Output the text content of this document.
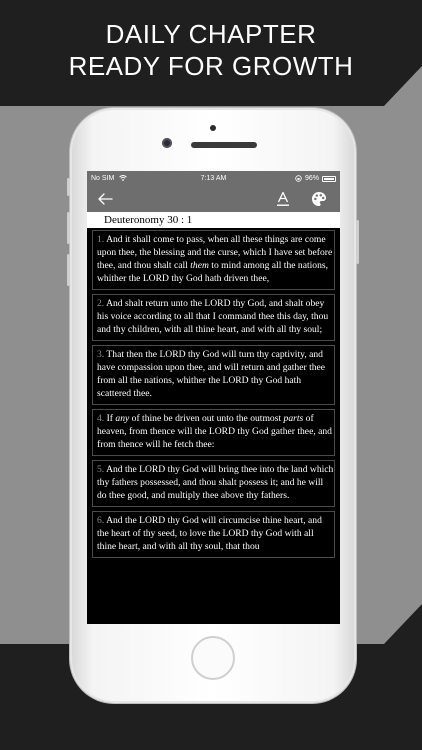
DAILY CHAPTER
READY FOR GROWTH
No SIM	7:13 AM	96%
Deuteronomy 30 : 1
1. And it shall come to pass, when all these things are come upon thee, the blessing and the curse, which I have set before thee, and thou shalt call them to mind among all the nations, whither the LORD thy God hath driven thee,
2. And shalt return unto the LORD thy God, and shalt obey his voice according to all that I command thee this day, thou and thy children, with all thine heart, and with all thy soul;
3. That then the LORD thy God will turn thy captivity, and have compassion upon thee, and will return and gather thee from all the nations, whither the LORD thy God hath scattered thee.
4. If any of thine be driven out unto the outmost parts of heaven, from thence will the LORD thy God gather thee, and from thence will he fetch thee:
5. And the LORD thy God will bring thee into the land which thy fathers possessed, and thou shalt possess it; and he will do thee good, and multiply thee above thy fathers.
6. And the LORD thy God will circumcise thine heart, and the heart of thy seed, to love the LORD thy God with all thine heart, and with all thy soul, that thou
